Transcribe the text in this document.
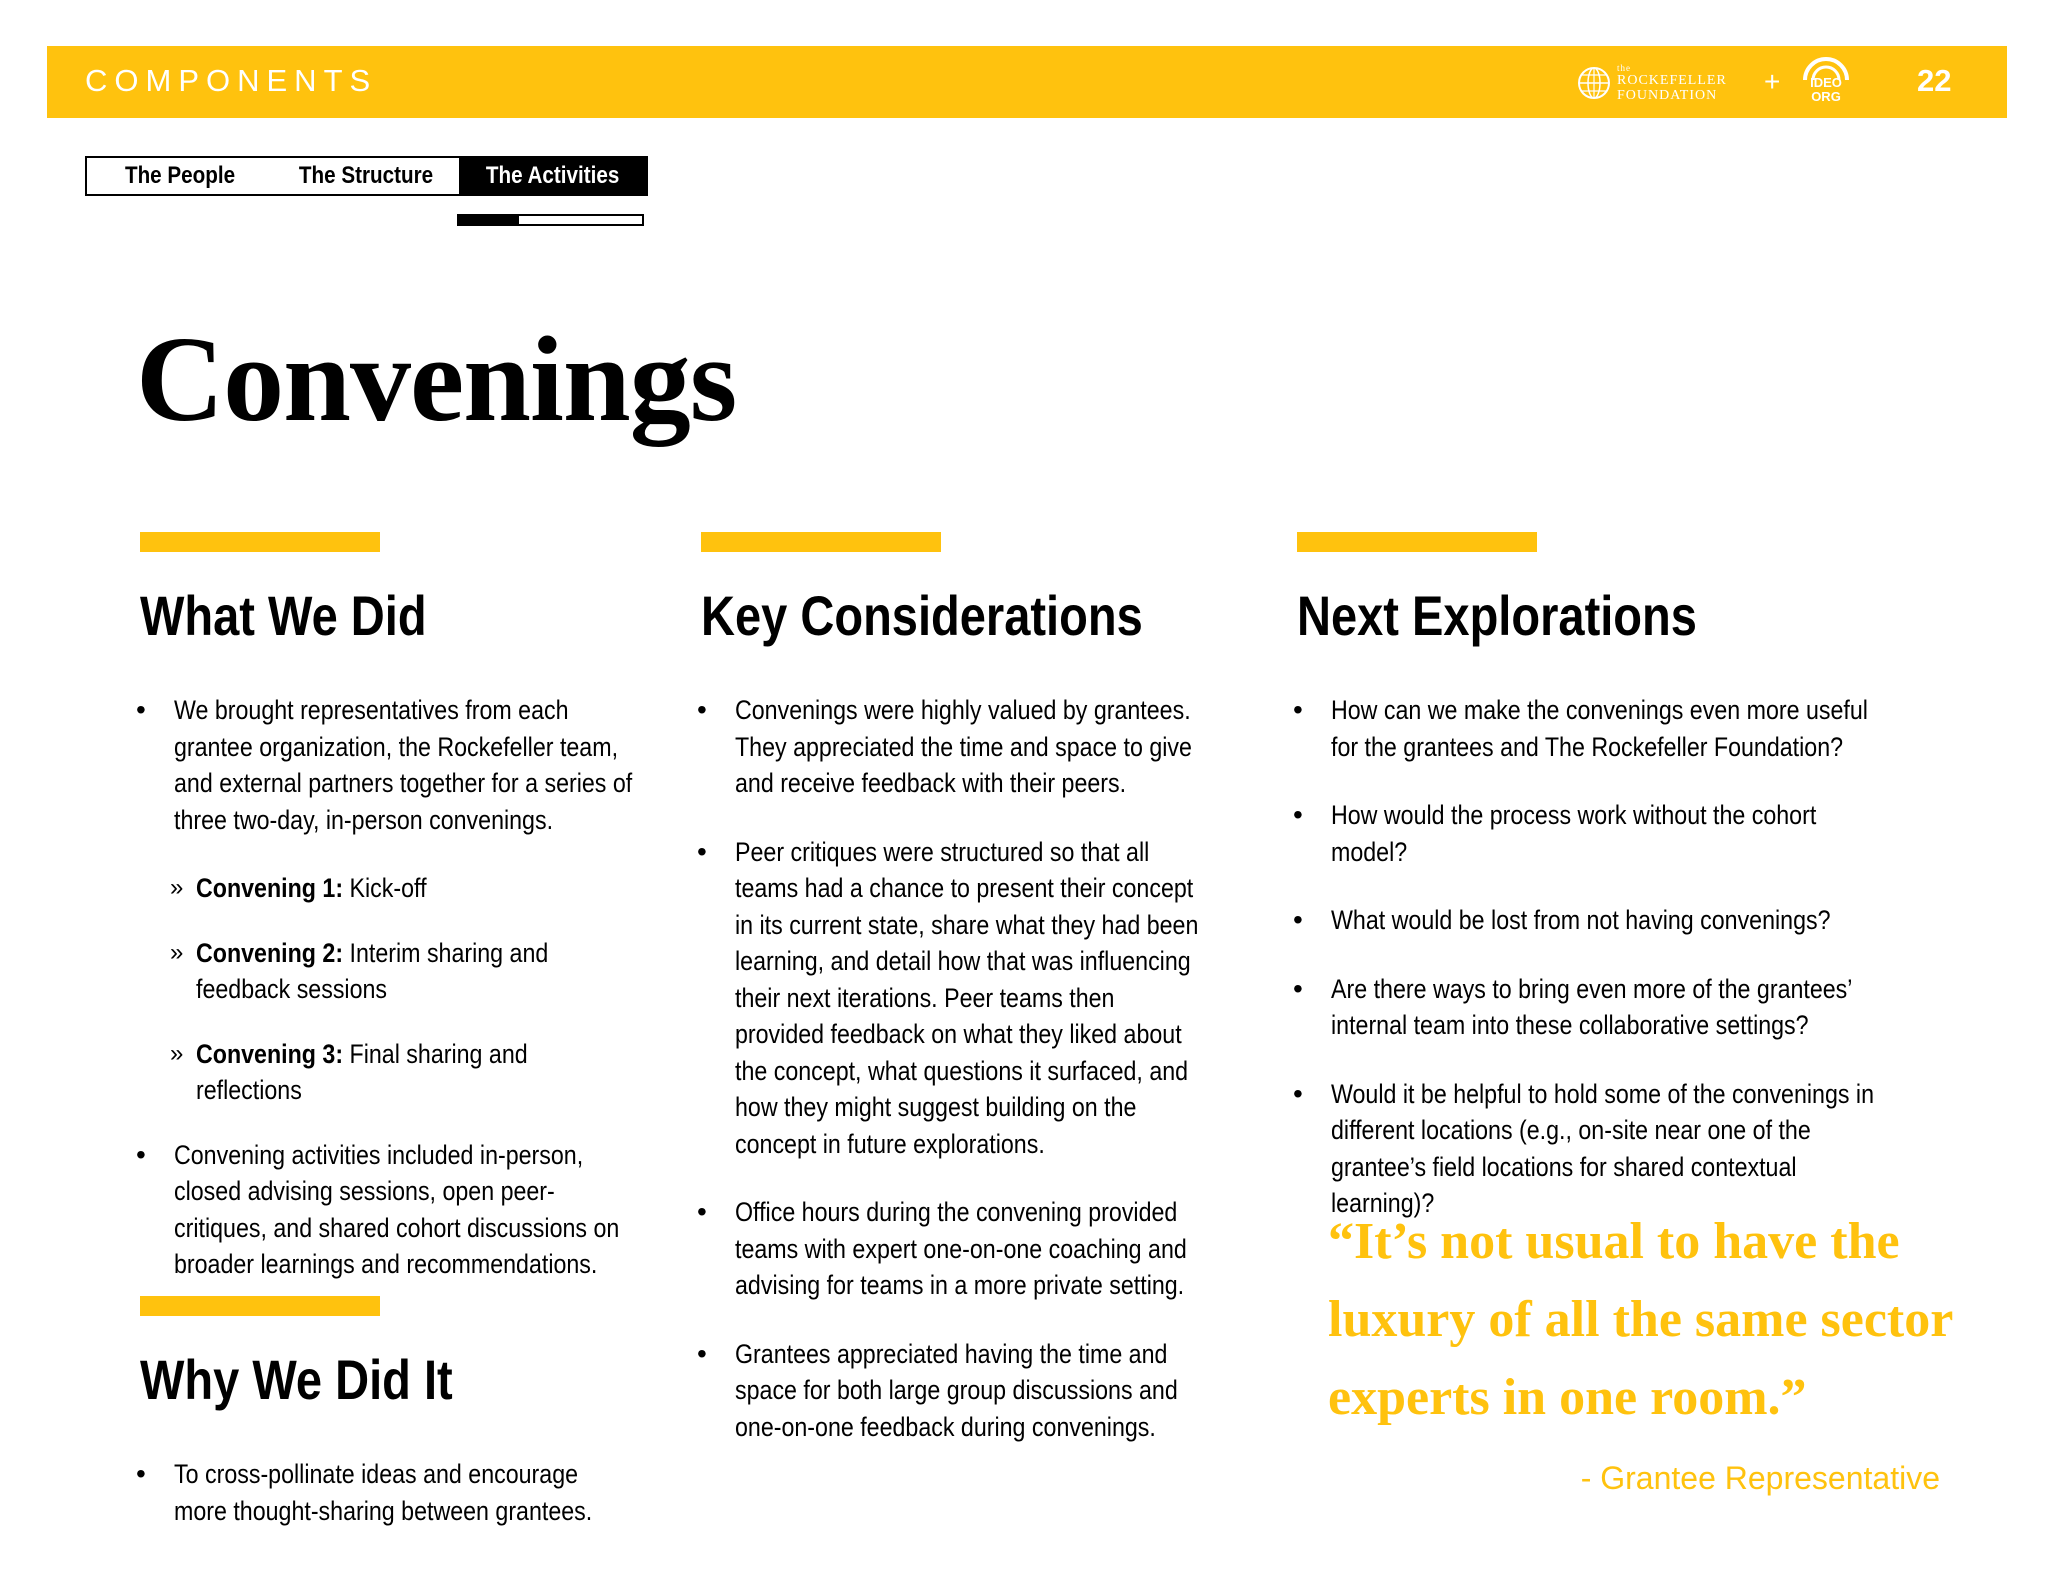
COMPONENTS	the
ROCKEFELLER
FOUNDATION	+	IDEO
ORG	22
The People	The Structure The Activities
Convenings
What We Did
• We brought representatives from each grantee organization, the Rockefeller team, and external partners together for a series of three two-day, in-person convenings.
» Convening 1: Kick-off
» Convening 2: Interim sharing and feedback sessions
» Convening 3: Final sharing and reflections
• Convening activities included in-person, closed advising sessions, open peer-critiques, and shared cohort discussions on broader learnings and recommendations.
Why We Did It
• To cross-pollinate ideas and encourage more thought-sharing between grantees.
Key Considerations
• Convenings were highly valued by grantees. They appreciated the time and space to give and receive feedback with their peers.
• Peer critiques were structured so that all teams had a chance to present their concept in its current state, share what they had been learning, and detail how that was influencing their next iterations. Peer teams then provided feedback on what they liked about the concept, what questions it surfaced, and how they might suggest building on the concept in future explorations.
• Office hours during the convening provided teams with expert one-on-one coaching and advising for teams in a more private setting.
• Grantees appreciated having the time and space for both large group discussions and one-on-one feedback during convenings.
Next Explorations
• How can we make the convenings even more useful for the grantees and The Rockefeller Foundation?
• How would the process work without the cohort model?
• What would be lost from not having convenings?
• Are there ways to bring even more of the grantees’ internal team into these collaborative settings?
• Would it be helpful to hold some of the convenings in different locations (e.g., on-site near one of the grantee’s field locations for shared contextual learning)?
“It’s not usual to have the luxury of all the same sector experts in one room.”
- Grantee Representative
